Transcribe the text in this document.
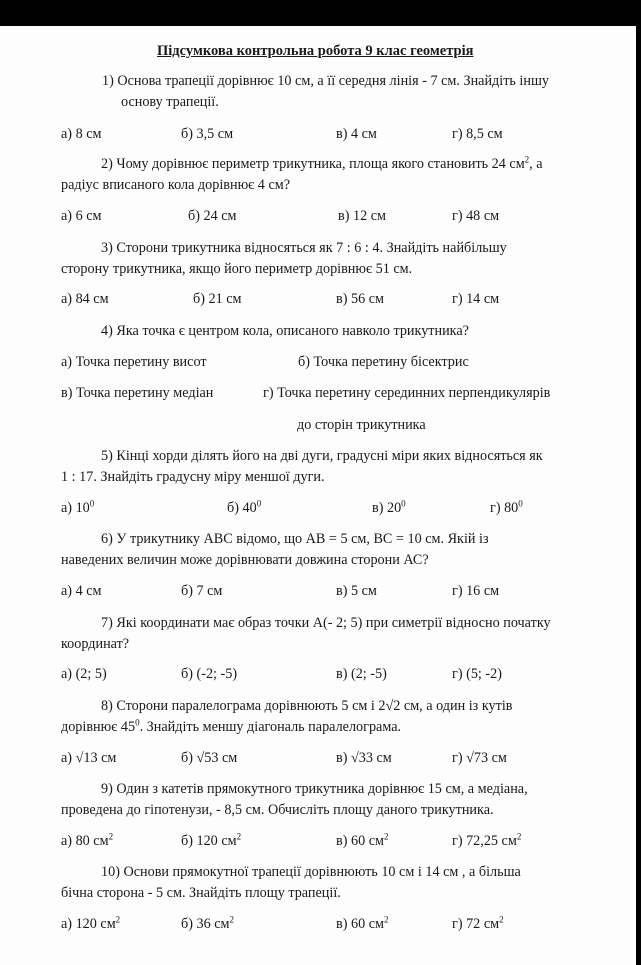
Підсумкова контрольна робота 9 клас геометрія
1) Основа трапеції дорівнює 10 см, а її середня лінія - 7 см. Знайдіть іншу
основу трапеції.
а) 8 см	б) 3,5 см	в) 4 см	г) 8,5 см
2) Чому дорівнює периметр трикутника, площа якого становить 24 $см^2$, а
радіус вписаного кола дорівнює 4 см?
а) 6 см	б) 24 см	в) 12 см	г) 48 см
3) Сторони трикутника відносяться як 7 : 6 : 4. Знайдіть найбільшу
сторону трикутника, якщо його периметр дорівнює 51 см.
а) 84 см	б) 21 см	в) 56 см	г) 14 см
4) Яка точка є центром кола, описаного навколо трикутника?
а) Точка перетину висот	б) Точка перетину бісектрис
в) Точка перетину медіан	г) Точка перетину серединних перпендикулярів
до сторін трикутника
5) Кінці хорди ділять його на дві дуги, градусні міри яких відносяться як
1 : 17. Знайдіть градусну міру меншої дуги.
а) $10^0$	б) $40^0$	в) $20^0$	г) $80^0$
6) У трикутнику АВС відомо, що АВ = 5 см, ВС = 10 см. Якій із
наведених величин може дорівнювати довжина сторони АС?
а) 4 см	б) 7 см	в) 5 см	г) 16 см
7) Які координати має образ точки А(- 2; 5) при симетрії відносно початку
координат?
а) (2; 5)	б) (-2; -5)	в) (2; -5)	г) (5; -2)
8) Сторони паралелограма дорівнюють 5 см і 2√2 см, а один із кутів
дорівнює $45^0$. Знайдіть меншу діагональ паралелограма.
а) √13 см	б) √53 см	в) √33 см	г) √73 см
9) Один з катетів прямокутного трикутника дорівнює 15 см, а медіана,
проведена до гіпотенузи, - 8,5 см. Обчисліть площу даного трикутника.
а) 80 $см^2$	б) 120 $см^2$	в) 60 $см^2$	г) 72,25 $см^2$
10) Основи прямокутної трапеції дорівнюють 10 см і 14 см , а більша
бічна сторона - 5 см. Знайдіть площу трапеції.
а) 120 $см^2$	б) 36 $см^2$	в) 60 $см^2$	г) 72 $см^2$
